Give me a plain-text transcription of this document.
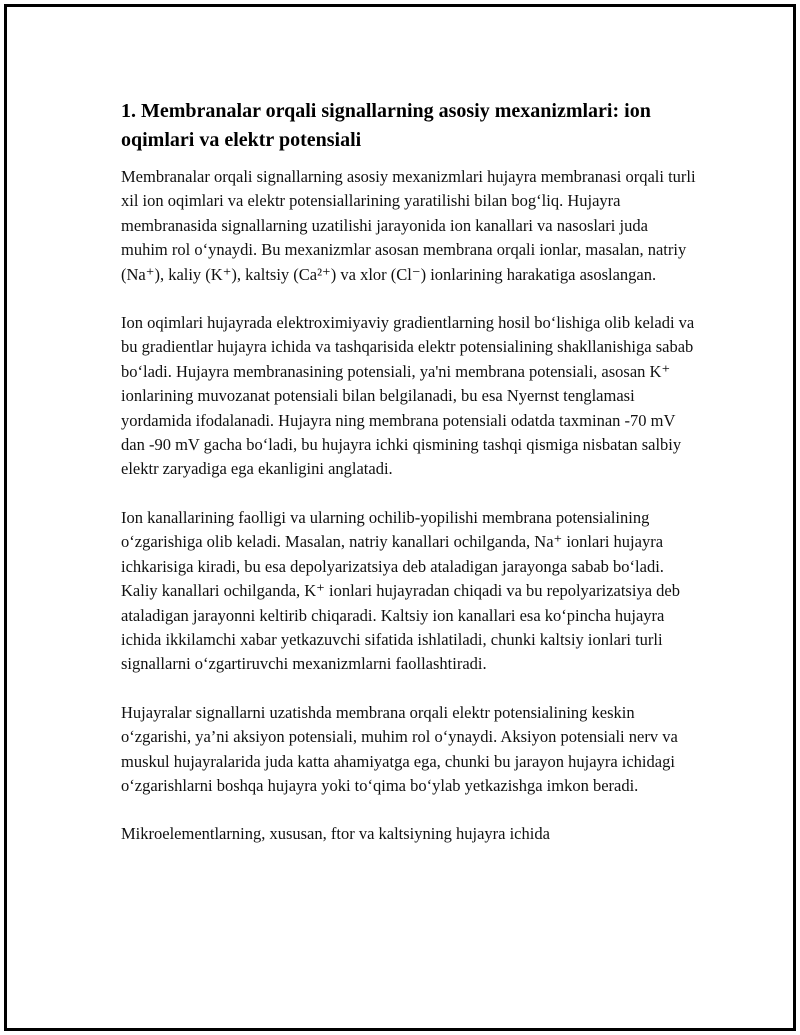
1. Membranalar orqali signallarning asosiy mexanizmlari: ion oqimlari va elektr potensiali

Membranalar orqali signallarning asosiy mexanizmlari hujayra membranasi orqali turli xil ion oqimlari va elektr potensiallarining yaratilishi bilan bog‘liq. Hujayra membranasida signallarning uzatilishi jarayonida ion kanallari va nasoslari juda muhim rol o‘ynaydi. Bu mexanizmlar asosan membrana orqali ionlar, masalan, natriy (Na⁺), kaliy (K⁺), kaltsiy (Ca²⁺) va xlor (Cl⁻) ionlarining harakatiga asoslangan.

Ion oqimlari hujayrada elektroximiyaviy gradientlarning hosil bo‘lishiga olib keladi va bu gradientlar hujayra ichida va tashqarisida elektr potensialining shakllanishiga sabab bo‘ladi. Hujayra membranasining potensiali, ya'ni membrana potensiali, asosan K⁺ ionlarining muvozanat potensiali bilan belgilanadi, bu esa Nyernst tenglamasi yordamida ifodalanadi. Hujayra ning membrana potensiali odatda taxminan -70 mV dan -90 mV gacha bo‘ladi, bu hujayra ichki qismining tashqi qismiga nisbatan salbiy elektr zaryadiga ega ekanligini anglatadi.

Ion kanallarining faolligi va ularning ochilib-yopilishi membrana potensialining o‘zgarishiga olib keladi. Masalan, natriy kanallari ochilganda, Na⁺ ionlari hujayra ichkarisiga kiradi, bu esa depolyarizatsiya deb ataladigan jarayonga sabab bo‘ladi. Kaliy kanallari ochilganda, K⁺ ionlari hujayradan chiqadi va bu repolyarizatsiya deb ataladigan jarayonni keltirib chiqaradi. Kaltsiy ion kanallari esa ko‘pincha hujayra ichida ikkilamchi xabar yetkazuvchi sifatida ishlatiladi, chunki kaltsiy ionlari turli signallarni o‘zgartiruvchi mexanizmlarni faollashtiradi.

Hujayralar signallarni uzatishda membrana orqali elektr potensialining keskin o‘zgarishi, ya’ni aksiyon potensiali, muhim rol o‘ynaydi. Aksiyon potensiali nerv va muskul hujayralarida juda katta ahamiyatga ega, chunki bu jarayon hujayra ichidagi o‘zgarishlarni boshqa hujayra yoki to‘qima bo‘ylab yetkazishga imkon beradi.

Mikroelementlarning, xususan, ftor va kaltsiyning hujayra ichida
